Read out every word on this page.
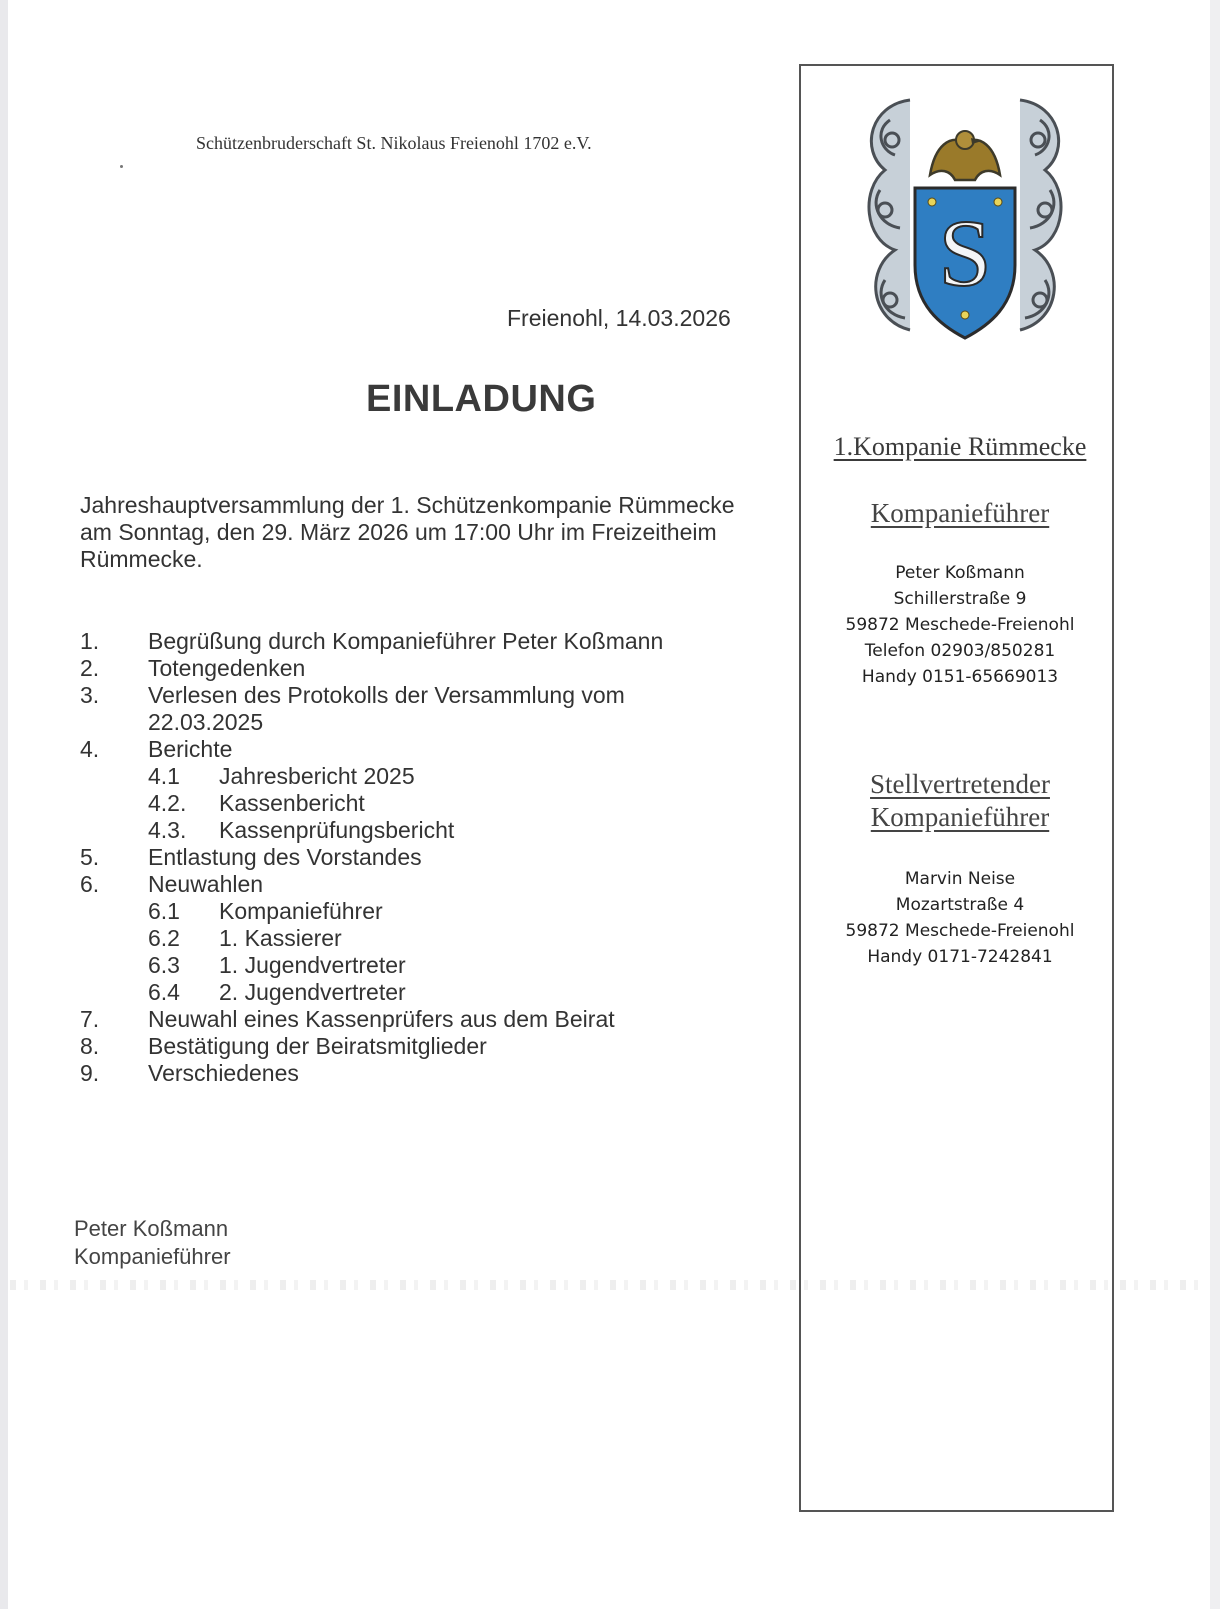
Schützenbruderschaft St. Nikolaus Freienohl 1702 e.V.
Freienohl, 14.03.2026
EINLADUNG
Jahreshauptversammlung der 1. Schützenkompanie Rümmecke
am Sonntag, den 29. März 2026 um 17:00 Uhr im Freizeitheim
Rümmecke.
1. Begrüßung durch Kompanieführer Peter Koßmann
2. Totengedenken
3. Verlesen des Protokolls der Versammlung vom
22.03.2025
4. Berichte
4.1 Jahresbericht 2025
4.2. Kassenbericht
4.3. Kassenprüfungsbericht
5. Entlastung des Vorstandes
6. Neuwahlen
6.1 Kompanieführer
6.2 1. Kassierer
6.3 1. Jugendvertreter
6.4 2. Jugendvertreter
7. Neuwahl eines Kassenprüfers aus dem Beirat
8. Bestätigung der Beiratsmitglieder
9. Verschiedenes
Peter Koßmann
Kompanieführer
S
1.Kompanie Rümmecke
Kompanieführer
Peter Koßmann
Schillerstraße 9
59872 Meschede-Freienohl
Telefon 02903/850281
Handy 0151-65669013
Stellvertretender
Kompanieführer
Marvin Neise
Mozartstraße 4
59872 Meschede-Freienohl
Handy 0171-7242841
